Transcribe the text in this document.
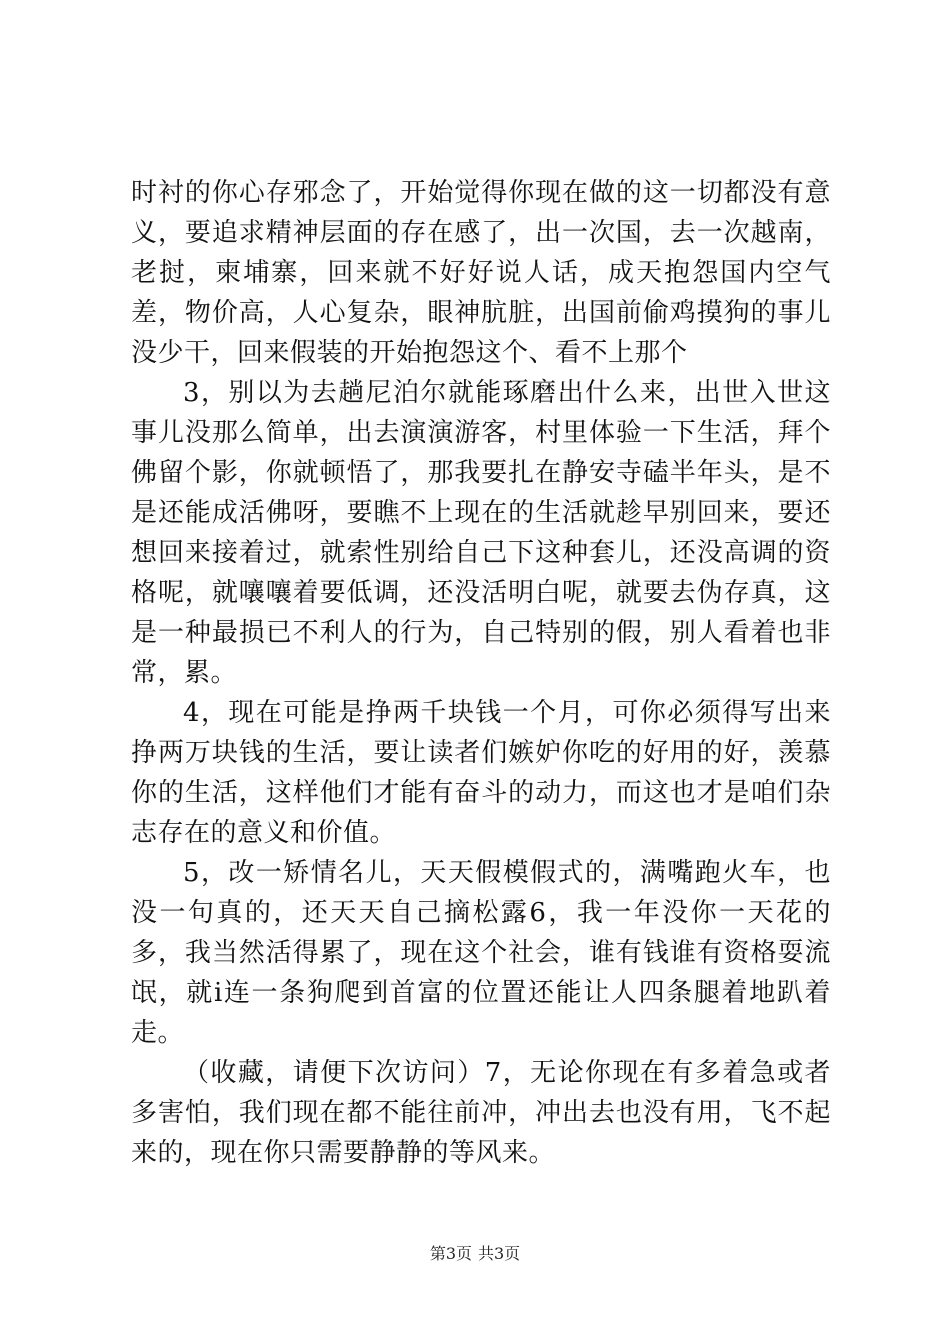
时衬的你心存邪念了，开始觉得你现在做的这一切都没有意义，要追求精神层面的存在感了，出一次国，去一次越南，老挝，柬埔寨，回来就不好好说人话，成天抱怨国内空气差，物价高，人心复杂，眼神肮脏，出国前偷鸡摸狗的事儿没少干，回来假装的开始抱怨这个、看不上那个

3，别以为去趟尼泊尔就能琢磨出什么来，出世入世这事儿没那么简单，出去演演游客，村里体验一下生活，拜个佛留个影，你就顿悟了，那我要扎在静安寺磕半年头，是不是还能成活佛呀，要瞧不上现在的生活就趁早别回来，要还想回来接着过，就索性别给自己下这种套儿，还没高调的资格呢，就嚷嚷着要低调，还没活明白呢，就要去伪存真，这是一种最损已不利人的行为，自己特别的假，别人看着也非常，累。

4，现在可能是挣两千块钱一个月，可你必须得写出来挣两万块钱的生活，要让读者们嫉妒你吃的好用的好，羡慕你的生活，这样他们才能有奋斗的动力，而这也才是咱们杂志存在的意义和价值。

5，改一矫情名儿，天天假模假式的，满嘴跑火车，也没一句真的，还天天自己摘松露6，我一年没你一天花的多，我当然活得累了，现在这个社会，谁有钱谁有资格耍流氓，就i连一条狗爬到首富的位置还能让人四条腿着地趴着走。

（收藏，请便下次访问）7，无论你现在有多着急或者多害怕，我们现在都不能往前冲，冲出去也没有用，飞不起来的，现在你只需要静静的等风来。

第3页 共3页
